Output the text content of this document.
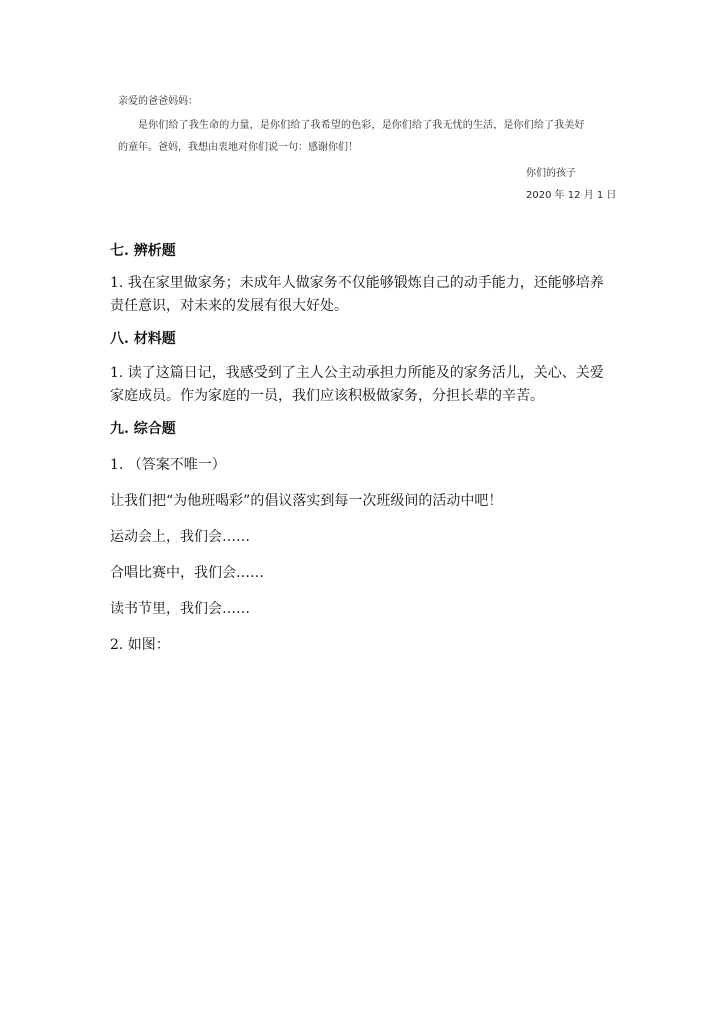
亲爱的爸爸妈妈：
是你们给了我生命的力量，是你们给了我希望的色彩，是你们给了我无忧的生活，是你们给了我美好
的童年。爸妈，我想由衷地对你们说一句：感谢你们！
你们的孩子
2020 年 12 月 1 日
七. 辨析题
1. 我在家里做家务；未成年人做家务不仅能够锻炼自己的动手能力，还能够培养责任意识，对未来的发展有很大好处。
八. 材料题
1. 读了这篇日记，我感受到了主人公主动承担力所能及的家务活儿，关心、关爱家庭成员。作为家庭的一员，我们应该积极做家务，分担长辈的辛苦。
九. 综合题
1. （答案不唯一）
让我们把“为他班喝彩”的倡议落实到每一次班级间的活动中吧！
运动会上，我们会……
合唱比赛中，我们会……
读书节里，我们会……
2. 如图：
